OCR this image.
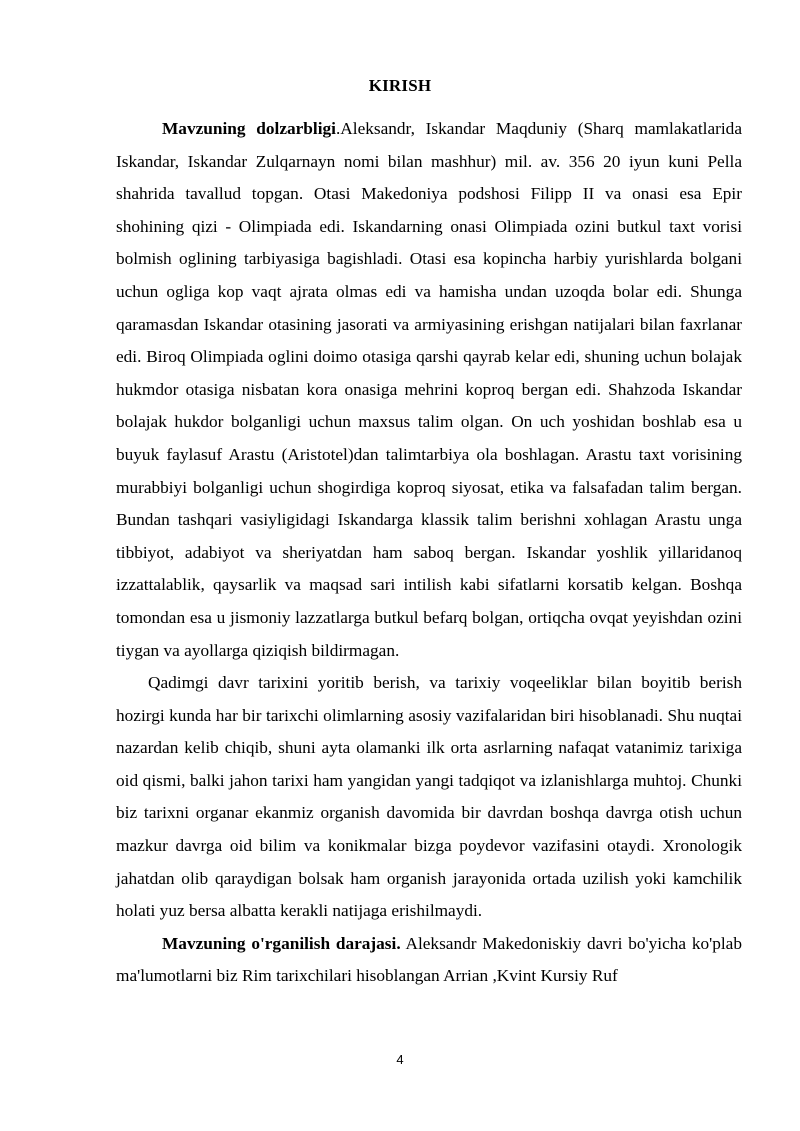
KIRISH

Mavzuning dolzarbligi.Aleksandr, Iskandar Maqduniy (Sharq mamlakatlarida Iskandar, Iskandar Zulqarnayn nomi bilan mashhur) mil. av. 356 20 iyun kuni Pella shahrida tavallud topgan. Otasi Makedoniya podshosi Filipp II va onasi esa Epir shohining qizi - Olimpiada edi. Iskandarning onasi Olimpiada ozini butkul taxt vorisi bolmish oglining tarbiyasiga bagishladi. Otasi esa kopincha harbiy yurishlarda bolgani uchun ogliga kop vaqt ajrata olmas edi va hamisha undan uzoqda bolar edi. Shunga qaramasdan Iskandar otasining jasorati va armiyasining erishgan natijalari bilan faxrlanar edi. Biroq Olimpiada oglini doimo otasiga qarshi qayrab kelar edi, shuning uchun bolajak hukmdor otasiga nisbatan kora onasiga mehrini koproq bergan edi. Shahzoda Iskandar bolajak hukdor bolganligi uchun maxsus talim olgan. On uch yoshidan boshlab esa u buyuk faylasuf Arastu (Aristotel)dan talimtarbiya ola boshlagan. Arastu taxt vorisining murabbiyi bolganligi uchun shogirdiga koproq siyosat, etika va falsafadan talim bergan. Bundan tashqari vasiyligidagi Iskandarga klassik talim berishni xohlagan Arastu unga tibbiyot, adabiyot va sheriyatdan ham saboq bergan. Iskandar yoshlik yillaridanoq izzattalablik, qaysarlik va maqsad sari intilish kabi sifatlarni korsatib kelgan. Boshqa tomondan esa u jismoniy lazzatlarga butkul befarq bolgan, ortiqcha ovqat yeyishdan ozini tiygan va ayollarga qiziqish bildirmagan.

Qadimgi davr tarixini yoritib berish, va tarixiy voqeeliklar bilan boyitib berish hozirgi kunda har bir tarixchi olimlarning asosiy vazifalaridan biri hisoblanadi. Shu nuqtai nazardan kelib chiqib, shuni ayta olamanki ilk orta asrlarning nafaqat vatanimiz tarixiga oid qismi, balki jahon tarixi ham yangidan yangi tadqiqot va izlanishlarga muhtoj. Chunki biz tarixni organar ekanmiz organish davomida bir davrdan boshqa davrga otish uchun mazkur davrga oid bilim va konikmalar bizga poydevor vazifasini otaydi. Xronologik jahatdan olib qaraydigan bolsak ham organish jarayonida ortada uzilish yoki kamchilik holati yuz bersa albatta kerakli natijaga erishilmaydi.

Mavzuning o'rganilish darajasi. Aleksandr Makedoniskiy davri bo'yicha ko'plab ma'lumotlarni biz Rim tarixchilari hisoblangan Arrian ,Kvint Kursiy Ruf

4
